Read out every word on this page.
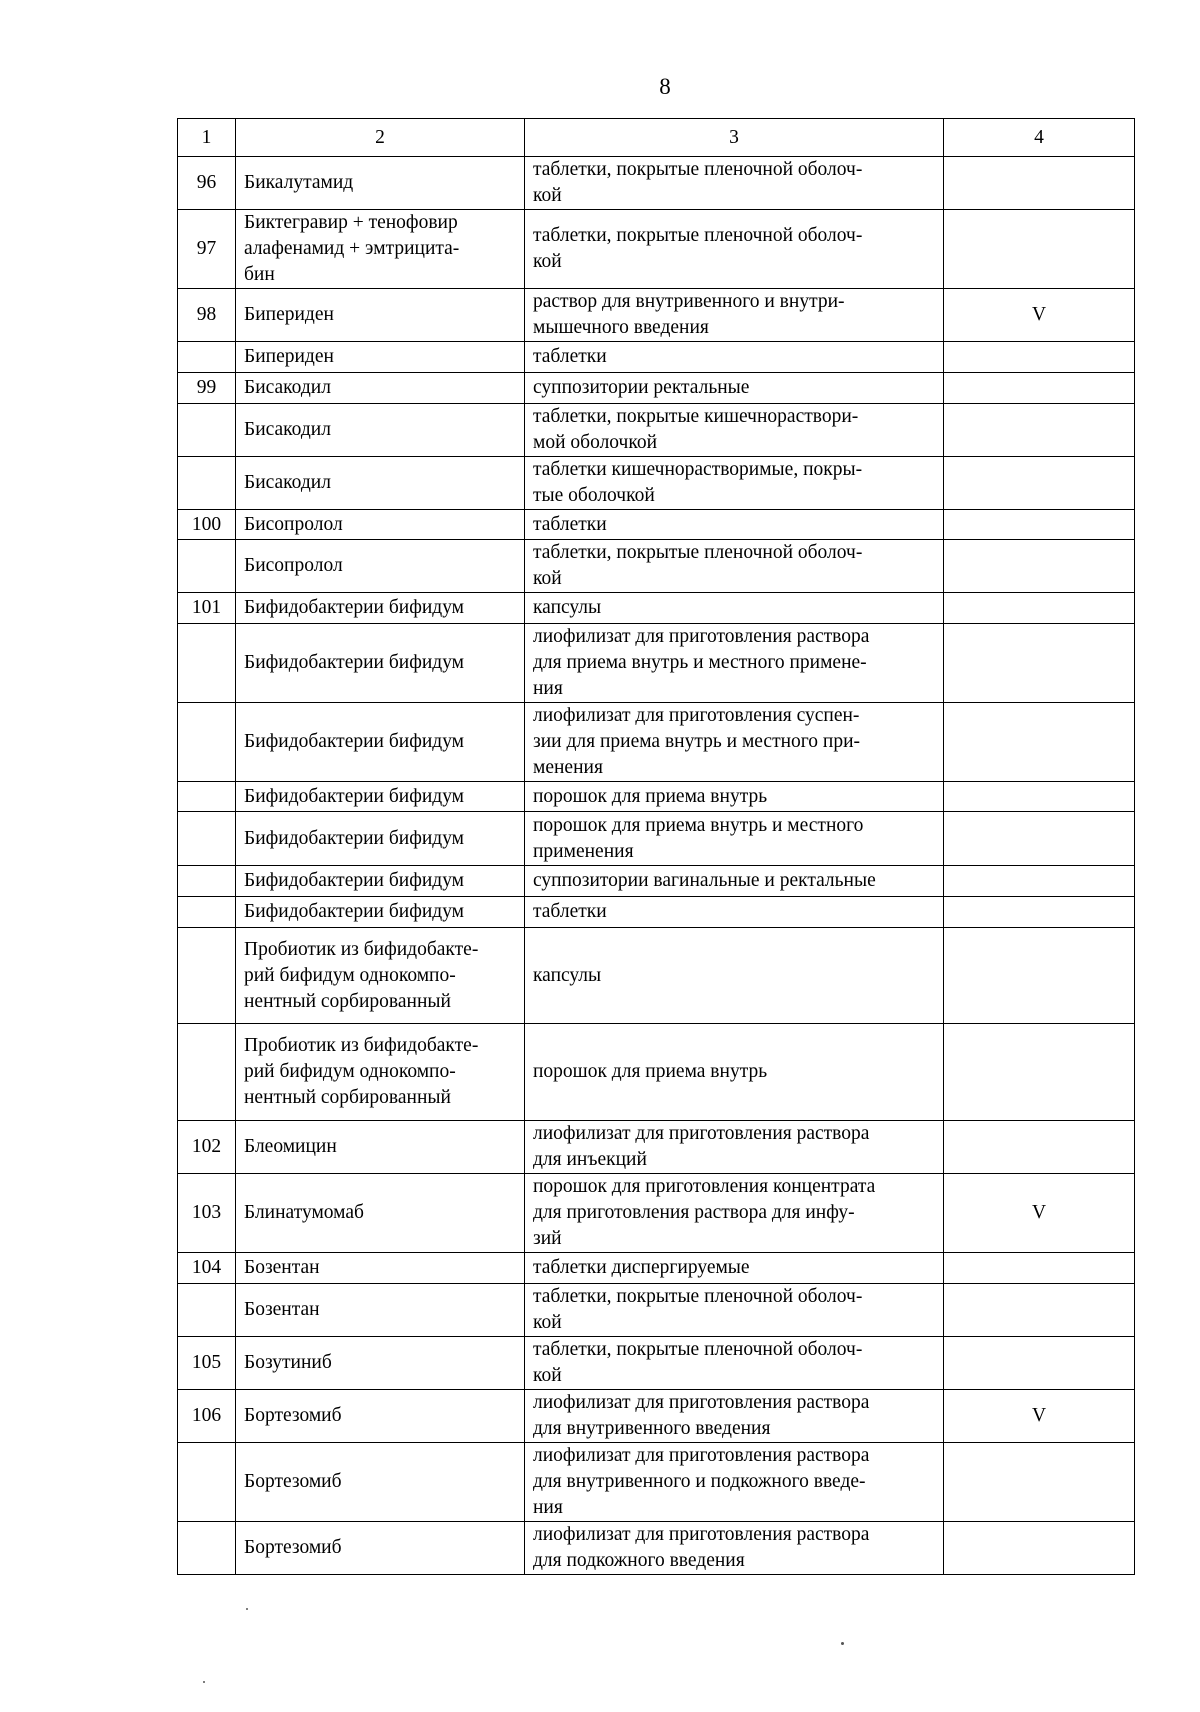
8
1	2	3	4
96	Бикалутамид	таблетки, покрытые пленочной оболоч-
кой	
97	Биктегравир + тенофовир
алафенамид + эмтрицита-
бин	таблетки, покрытые пленочной оболоч-
кой	
98	Бипериден	раствор для внутривенного и внутри-
мышечного введения	V
	Бипериден	таблетки	
99	Бисакодил	суппозитории ректальные	
	Бисакодил	таблетки, покрытые кишечнораствори-
мой оболочкой	
	Бисакодил	таблетки кишечнорастворимые, покры-
тые оболочкой	
100	Бисопролол	таблетки	
	Бисопролол	таблетки, покрытые пленочной оболоч-
кой	
101	Бифидобактерии бифидум	капсулы	
	Бифидобактерии бифидум	лиофилизат для приготовления раствора
для приема внутрь и местного примене-
ния	
	Бифидобактерии бифидум	лиофилизат для приготовления суспен-
зии для приема внутрь и местного при-
менения	
	Бифидобактерии бифидум	порошок для приема внутрь	
	Бифидобактерии бифидум	порошок для приема внутрь и местного
применения	
	Бифидобактерии бифидум	суппозитории вагинальные и ректальные	
	Бифидобактерии бифидум	таблетки	
	Пробиотик из бифидобакте-
рий бифидум однокомпо-
нентный сорбированный	капсулы	
	Пробиотик из бифидобакте-
рий бифидум однокомпо-
нентный сорбированный	порошок для приема внутрь	
102	Блеомицин	лиофилизат для приготовления раствора
для инъекций	
103	Блинатумомаб	порошок для приготовления концентрата
для приготовления раствора для инфу-
зий	V
104	Бозентан	таблетки диспергируемые	
	Бозентан	таблетки, покрытые пленочной оболоч-
кой	
105	Бозутиниб	таблетки, покрытые пленочной оболоч-
кой	
106	Бортезомиб	лиофилизат для приготовления раствора
для внутривенного введения	V
	Бортезомиб	лиофилизат для приготовления раствора
для внутривенного и подкожного введе-
ния	
	Бортезомиб	лиофилизат для приготовления раствора
для подкожного введения	
